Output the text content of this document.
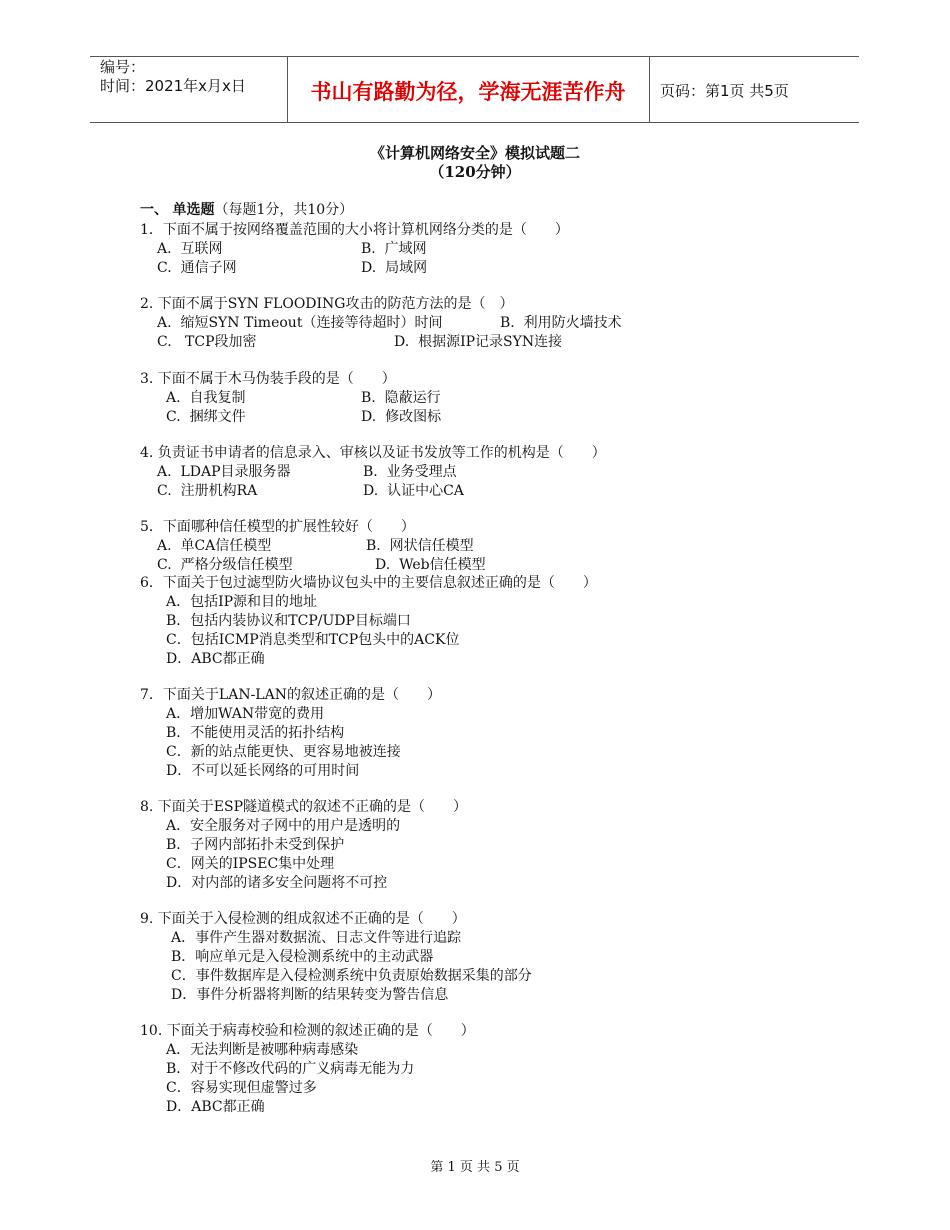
编号：
时间：2021年x月x日	书山有路勤为径，学海无涯苦作舟	页码：第1页 共5页
《计算机网络安全》模拟试题二
（120分钟）
一、 单选题（每题1分，共10分）
1．下面不属于按网络覆盖范围的大小将计算机网络分类的是（　　）
A.  互联网	B.  广域网
C.  通信子网	D.  局域网
2. 下面不属于SYN FLOODING攻击的防范方法的是（　）
A.  缩短SYN Timeout（连接等待超时）时间	B.  利用防火墙技术
C.   TCP段加密	D.  根据源IP记录SYN连接
3. 下面不属于木马伪装手段的是（　　）
A.  自我复制	B.  隐蔽运行
C.  捆绑文件	D.  修改图标
4. 负责证书申请者的信息录入、审核以及证书发放等工作的机构是（　　）
A.  LDAP目录服务器	B.  业务受理点
C.  注册机构RA	D.  认证中心CA
5．下面哪种信任模型的扩展性较好（　　）
A.  单CA信任模型	B.  网状信任模型
C.  严格分级信任模型	D.  Web信任模型
6．下面关于包过滤型防火墙协议包头中的主要信息叙述正确的是（　　）
A．包括IP源和目的地址
B．包括内装协议和TCP/UDP目标端口
C．包括ICMP消息类型和TCP包头中的ACK位
D．ABC都正确
7．下面关于LAN-LAN的叙述正确的是（　　）
A．增加WAN带宽的费用
B．不能使用灵活的拓扑结构
C．新的站点能更快、更容易地被连接
D．不可以延长网络的可用时间
8. 下面关于ESP隧道模式的叙述不正确的是（　　）
A．安全服务对子网中的用户是透明的
B．子网内部拓扑未受到保护
C．网关的IPSEC集中处理
D．对内部的诸多安全问题将不可控
9. 下面关于入侵检测的组成叙述不正确的是（　　）
A．事件产生器对数据流、日志文件等进行追踪
B．响应单元是入侵检测系统中的主动武器
C．事件数据库是入侵检测系统中负责原始数据采集的部分
D．事件分析器将判断的结果转变为警告信息
10. 下面关于病毒校验和检测的叙述正确的是（　　）
A．无法判断是被哪种病毒感染
B．对于不修改代码的广义病毒无能为力
C．容易实现但虚警过多
D．ABC都正确
第 1 页 共 5 页
